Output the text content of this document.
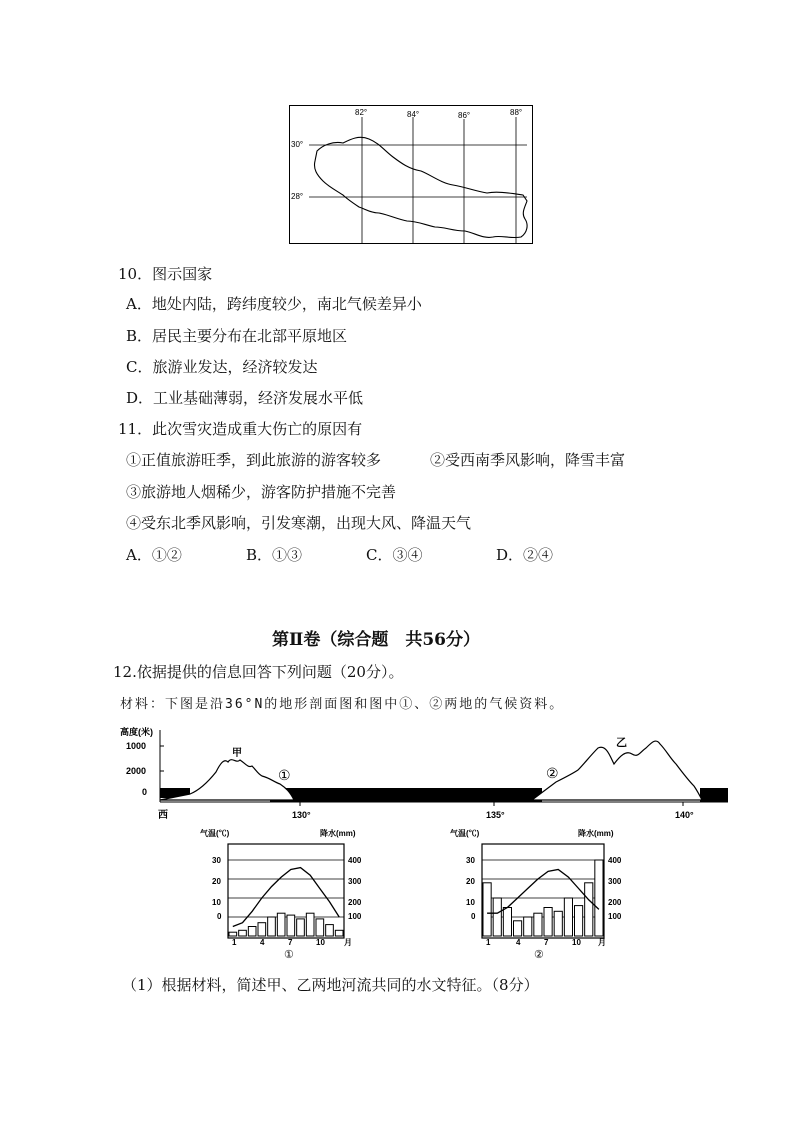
82°	84°	86°	88°
30°
28°
10．图示国家
A．地处内陆，跨纬度较少，南北气候差异小
B．居民主要分布在北部平原地区
C．旅游业发达，经济较发达
D．工业基础薄弱，经济发展水平低
11．此次雪灾造成重大伤亡的原因有
①正值旅游旺季，到此旅游的游客较多	②受西南季风影响，降雪丰富
③旅游地人烟稀少，游客防护措施不完善
④受东北季风影响，引发寒潮，出现大风、降温天气
A．①②	B．①③	C．③④	D．②④
第Ⅱ卷（综合题　共56分）
12.依据提供的信息回答下列问题（20分）。
材料：下图是沿36°N的地形剖面图和图中①、②两地的气候资料。
高度(米)
1000
2000
0
130°	135°	140°
西
甲
乙
①	②
气温(℃)	降水(mm)
30
20
10
0
400
300
200
100
1	4	7	10 月
①
气温(℃)	降水(mm)
30
20
10
0
400
300
200
100
1	4	7	10 月
②
（1）根据材料，简述甲、乙两地河流共同的水文特征。（8分）
